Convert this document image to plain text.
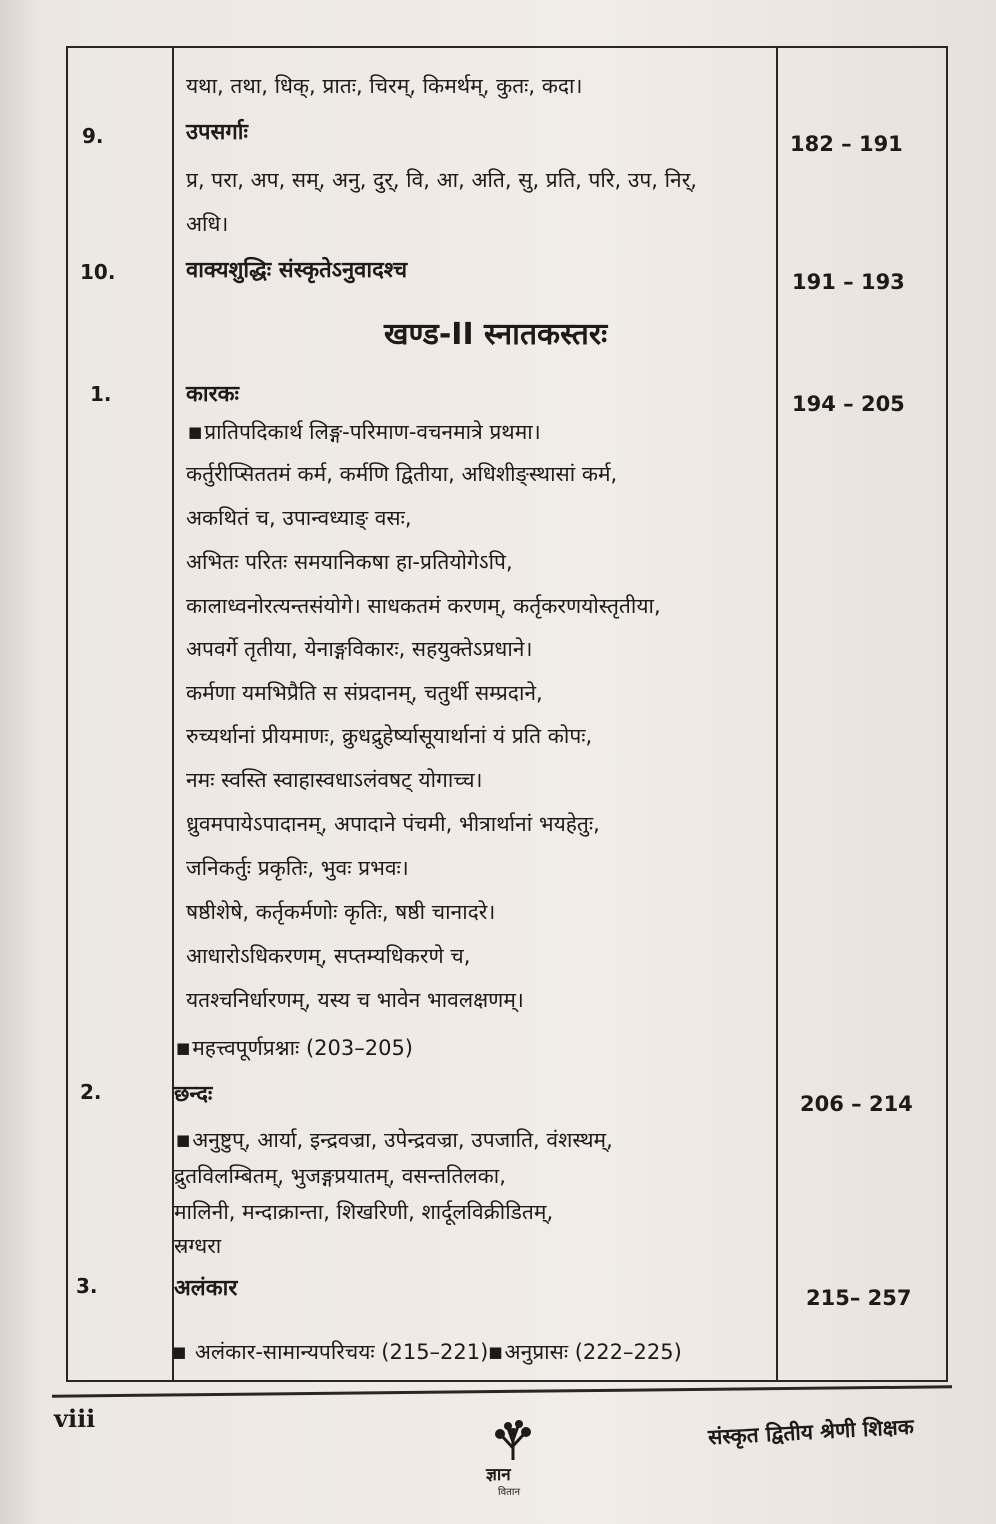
यथा, तथा, धिक्, प्रातः, चिरम्, किमर्थम्, कुतः, कदा।
9.	उपसर्गाः	182 – 191
प्र, परा, अप, सम्, अनु, दुर्, वि, आ, अति, सु, प्रति, परि, उप, निर्,
अधि।
10.	वाक्यशुद्धिः संस्कृतेऽनुवादश्च	191 – 193
खण्ड-II स्नातकस्तरः
1.	कारकः	194 – 205
■प्रातिपदिकार्थ लिङ्ग-परिमाण-वचनमात्रे प्रथमा।
कर्तुरीप्सिततमं कर्म, कर्मणि द्वितीया, अधिशीङ्स्थासां कर्म,
अकथितं च, उपान्वध्याङ् वसः,
अभितः परितः समयानिकषा हा-प्रतियोगेऽपि,
कालाध्वनोरत्यन्तसंयोगे। साधकतमं करणम्, कर्तृकरणयोस्तृतीया,
अपवर्गे तृतीया, येनाङ्गविकारः, सहयुक्तेऽप्रधाने।
कर्मणा यमभिप्रैति स संप्रदानम्, चतुर्थी सम्प्रदाने,
रुच्यर्थानां प्रीयमाणः, क्रुधद्रुहेर्ष्यासूयार्थानां यं प्रति कोपः,
नमः स्वस्ति स्वाहास्वधाऽलंवषट् योगाच्च।
ध्रुवमपायेऽपादानम्, अपादाने पंचमी, भीत्रार्थानां भयहेतुः,
जनिकर्तुः प्रकृतिः, भुवः प्रभवः।
षष्ठीशेषे, कर्तृकर्मणोः कृतिः, षष्ठी चानादरे।
आधारोऽधिकरणम्, सप्तम्यधिकरणे च,
यतश्चनिर्धारणम्, यस्य च भावेन भावलक्षणम्।
■महत्त्वपूर्णप्रश्नाः (203–205)
2.	छन्दः	206 – 214
■अनुष्टुप्, आर्या, इन्द्रवज्रा, उपेन्द्रवज्रा, उपजाति, वंशस्थम्,
द्रुतविलम्बितम्, भुजङ्गप्रयातम्, वसन्ततिलका,
मालिनी, मन्दाक्रान्ता, शिखरिणी, शार्दूलविक्रीडितम्,
स्रग्धरा
3.	अलंकार	215– 257
■ अलंकार-सामान्यपरिचयः (215–221)■अनुप्रासः (222–225)
viii
ज्ञान
वितान
संस्कृत द्वितीय श्रेणी शिक्षक
